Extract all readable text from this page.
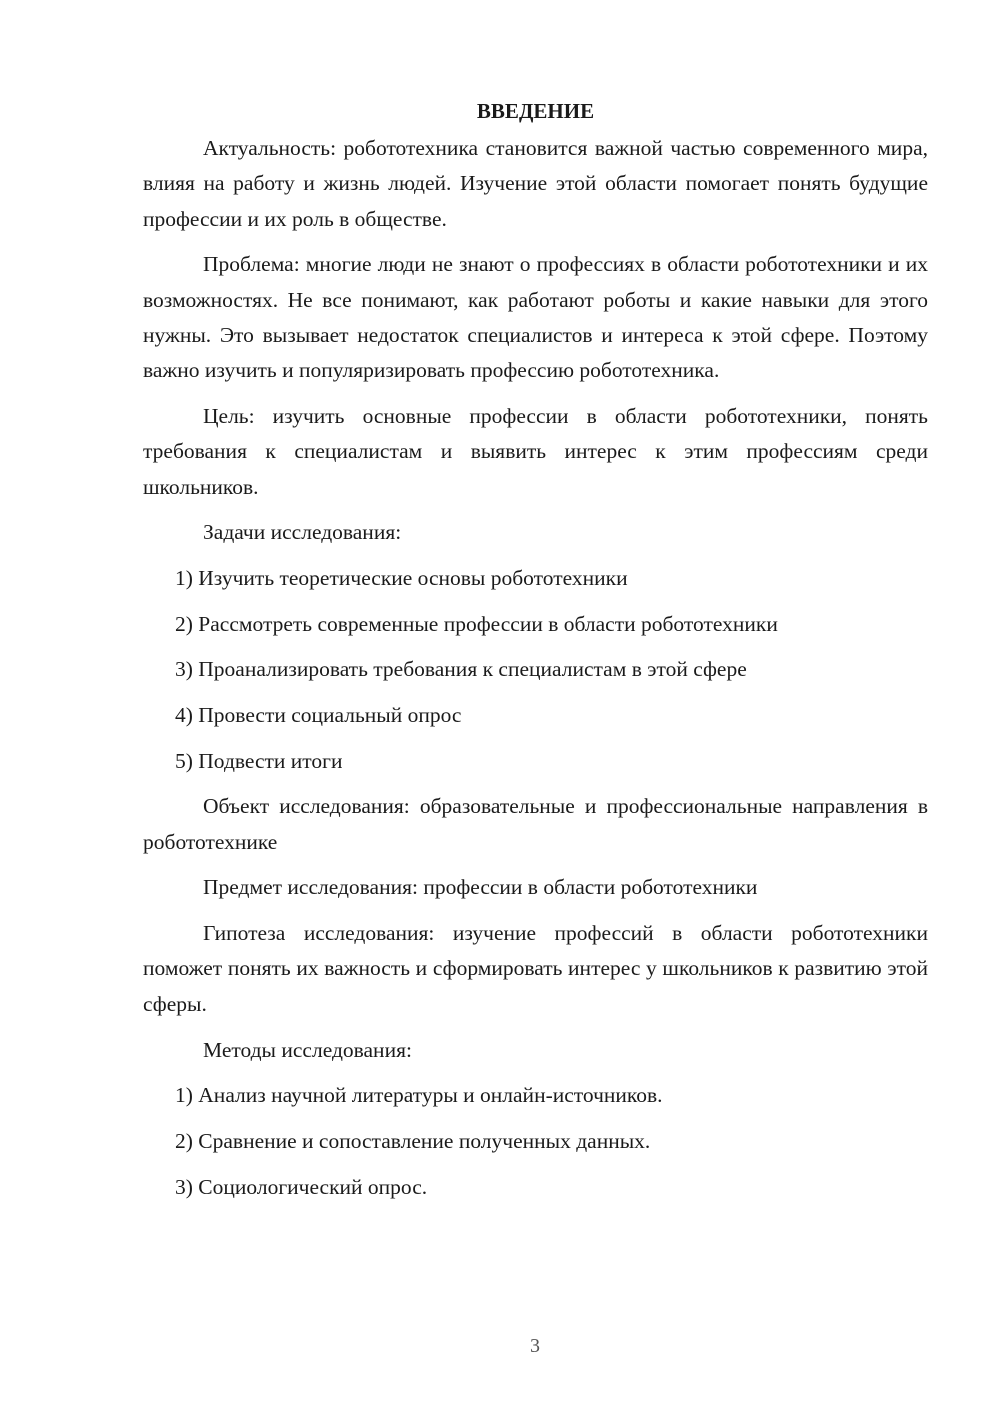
ВВЕДЕНИЕ

Актуальность: робототехника становится важной частью современного мира, влияя на работу и жизнь людей. Изучение этой области помогает понять будущие профессии и их роль в обществе.

Проблема: многие люди не знают о профессиях в области робототехники и их возможностях. Не все понимают, как работают роботы и какие навыки для этого нужны. Это вызывает недостаток специалистов и интереса к этой сфере. Поэтому важно изучить и популяризировать профессию робототехника.

Цель: изучить основные профессии в области робототехники, понять требования к специалистам и выявить интерес к этим профессиям среди школьников.

Задачи исследования:

1) Изучить теоретические основы робототехники
2) Рассмотреть современные профессии в области робототехники
3) Проанализировать требования к специалистам в этой сфере
4) Провести социальный опрос
5) Подвести итоги

Объект исследования: образовательные и профессиональные направления в робототехнике

Предмет исследования: профессии в области робототехники

Гипотеза исследования: изучение профессий в области робототехники поможет понять их важность и сформировать интерес у школьников к развитию этой сферы.

Методы исследования:

1) Анализ научной литературы и онлайн-источников.
2) Сравнение и сопоставление полученных данных.
3) Социологический опрос.
3
